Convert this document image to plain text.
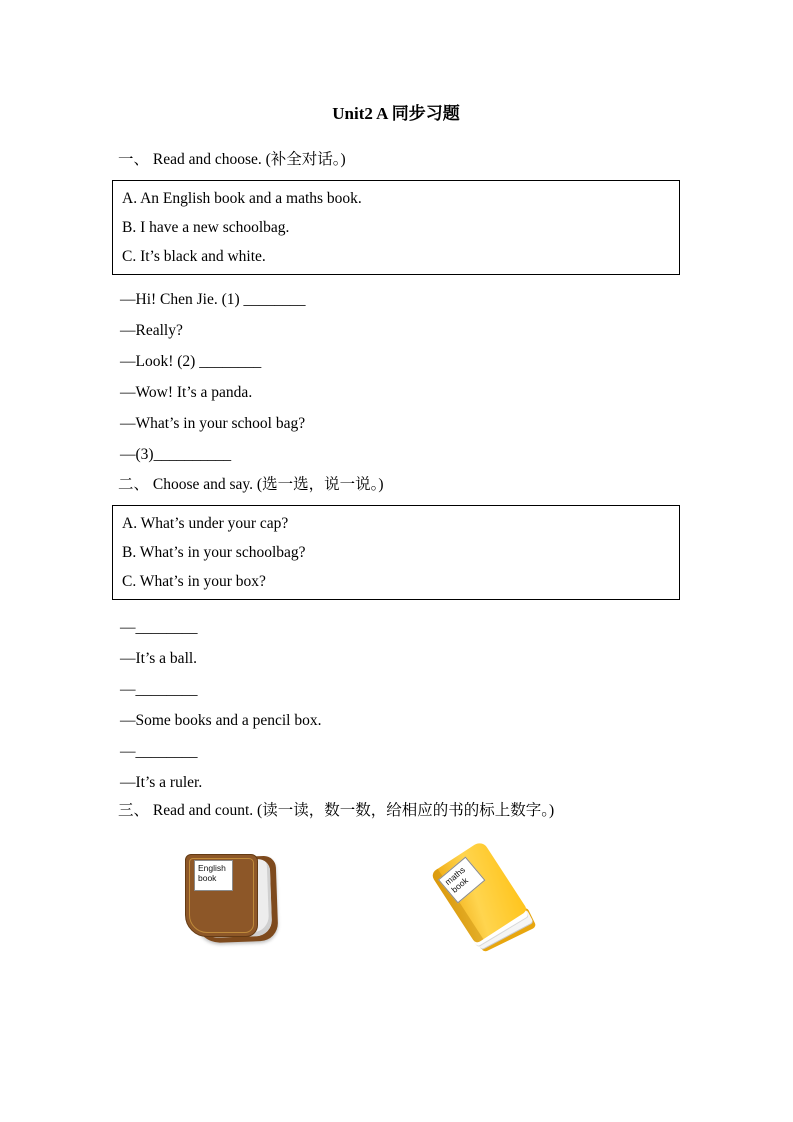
Unit2 A 同步习题
一、 Read and choose. (补全对话。)
A. An English book and a maths book.
B. I have a new schoolbag.
C. It’s black and white.
—Hi! Chen Jie. (1) ________
—Really?
—Look! (2) ________
—Wow! It’s a panda.
—What’s in your school bag?
—(3)__________
二、 Choose and say. (选一选，说一说。)
A. What’s under your cap?
B. What’s in your schoolbag?
C. What’s in your box?
—________
—It’s a ball.
—________
—Some books and a pencil box.
—________
—It’s a ruler.
三、 Read and count. (读一读，数一数，给相应的书的标上数字。)
English book	maths book
